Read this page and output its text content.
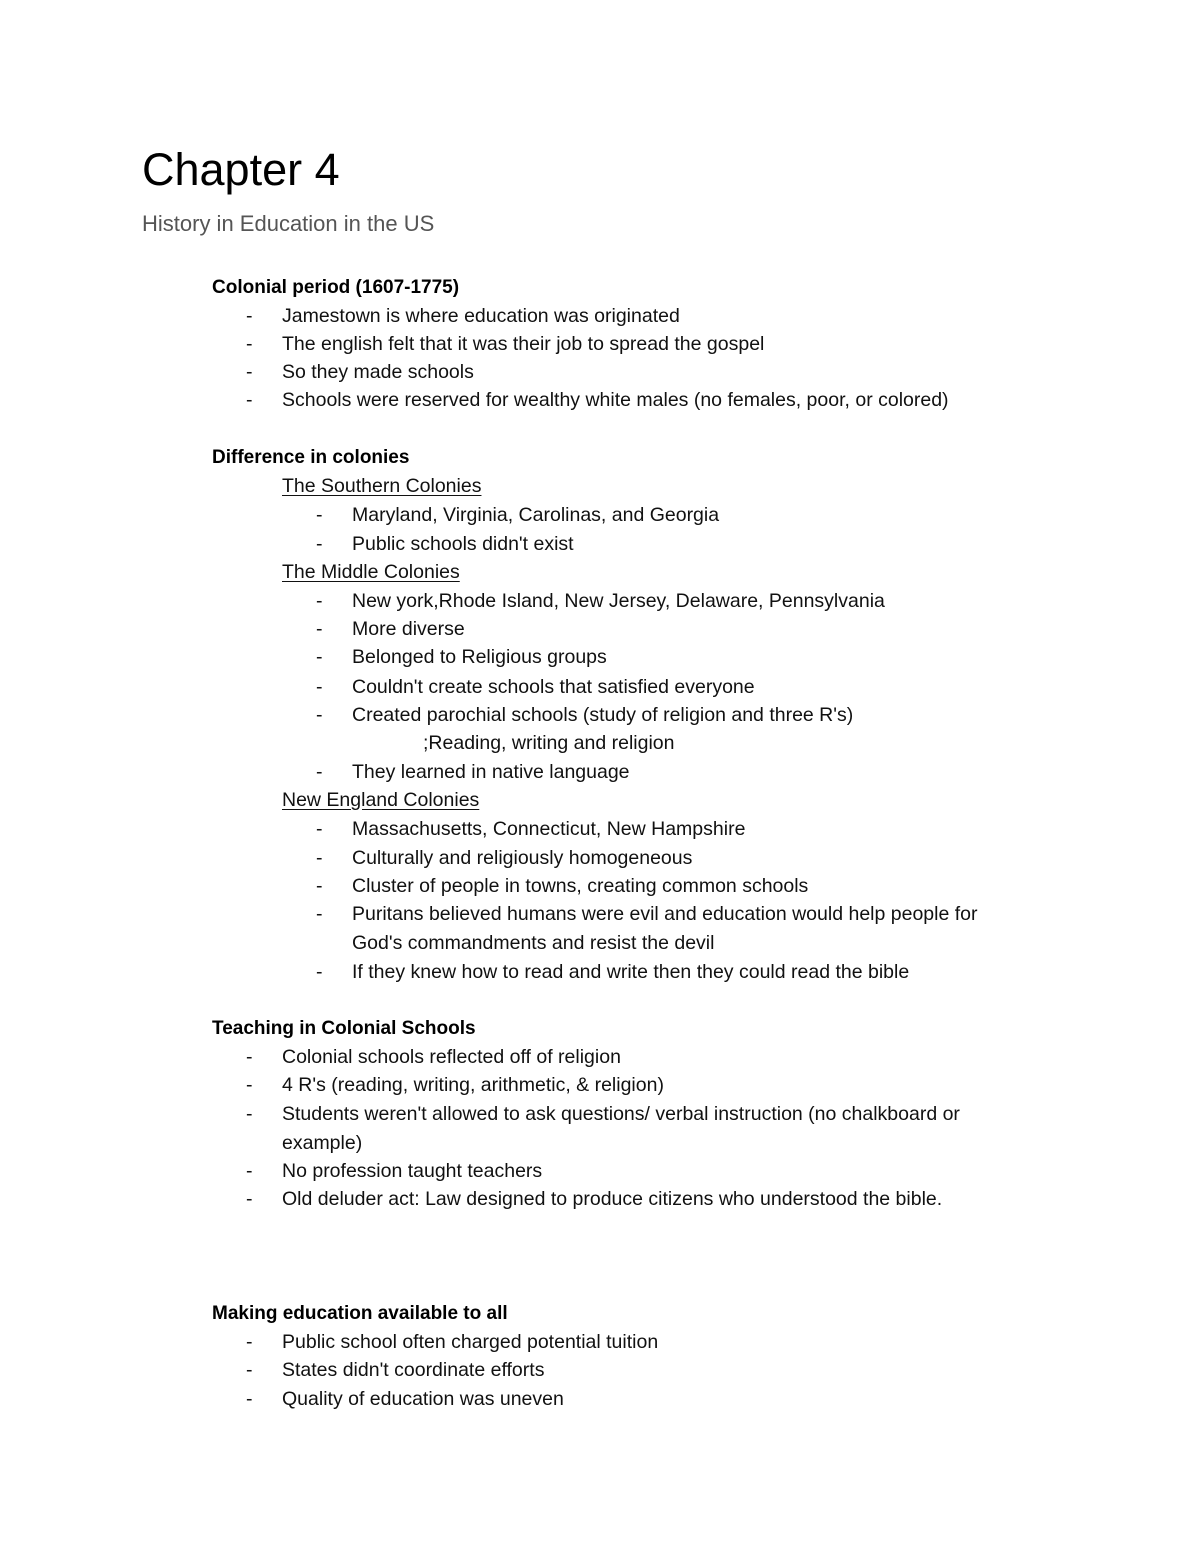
Chapter 4
History in Education in the US
Colonial period (1607-1775)
- Jamestown is where education was originated
- The english felt that it was their job to spread the gospel
- So they made schools
- Schools were reserved for wealthy white males (no females, poor, or colored)
Difference in colonies
The Southern Colonies
- Maryland, Virginia, Carolinas, and Georgia
- Public schools didn't exist
The Middle Colonies
- New york,Rhode Island, New Jersey, Delaware, Pennsylvania
- More diverse
- Belonged to Religious groups
- Couldn't create schools that satisfied everyone
- Created parochial schools (study of religion and three R's)
;Reading, writing and religion
- They learned in native language
New England Colonies
- Massachusetts, Connecticut, New Hampshire
- Culturally and religiously homogeneous
- Cluster of people in towns, creating common schools
- Puritans believed humans were evil and education would help people for
God's commandments and resist the devil
- If they knew how to read and write then they could read the bible
Teaching in Colonial Schools
- Colonial schools reflected off of religion
- 4 R's (reading, writing, arithmetic, & religion)
- Students weren't allowed to ask questions/ verbal instruction (no chalkboard or
example)
- No profession taught teachers
- Old deluder act: Law designed to produce citizens who understood the bible.
Making education available to all
- Public school often charged potential tuition
- States didn't coordinate efforts
- Quality of education was uneven
